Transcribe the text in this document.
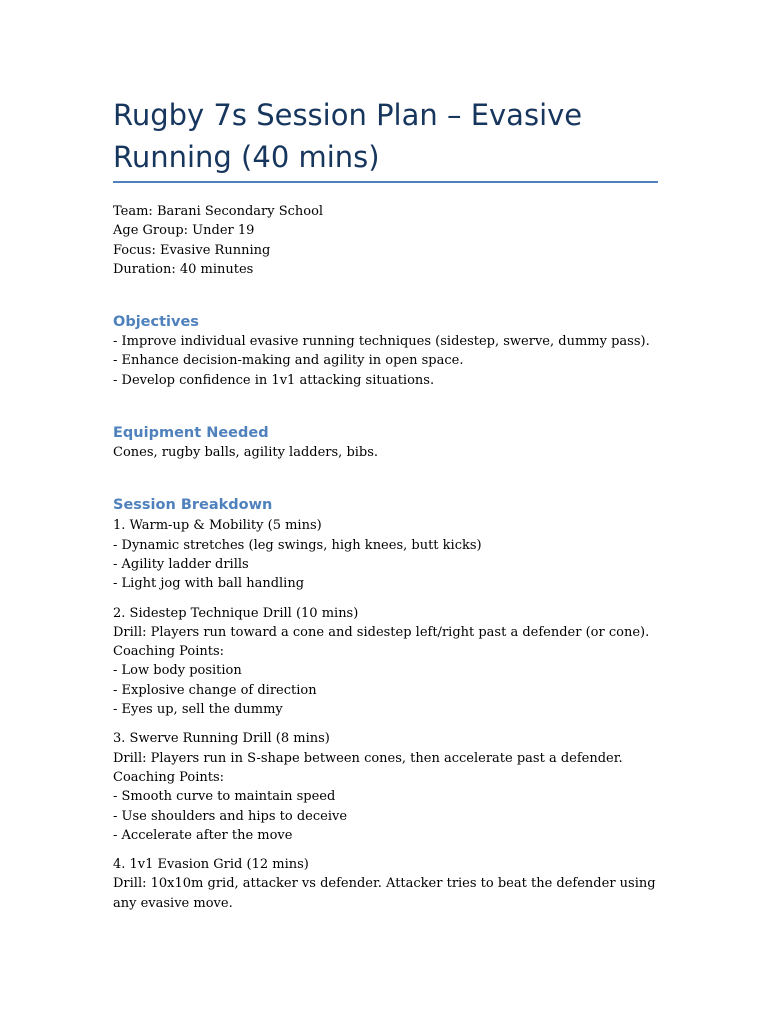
Rugby 7s Session Plan – Evasive
Running (40 mins)
Team: Barani Secondary School
Age Group: Under 19
Focus: Evasive Running
Duration: 40 minutes
Objectives
- Improve individual evasive running techniques (sidestep, swerve, dummy pass).
- Enhance decision-making and agility in open space.
- Develop confidence in 1v1 attacking situations.
Equipment Needed
Cones, rugby balls, agility ladders, bibs.
Session Breakdown
1. Warm-up & Mobility (5 mins)
- Dynamic stretches (leg swings, high knees, butt kicks)
- Agility ladder drills
- Light jog with ball handling
2. Sidestep Technique Drill (10 mins)
Drill: Players run toward a cone and sidestep left/right past a defender (or cone).
Coaching Points:
- Low body position
- Explosive change of direction
- Eyes up, sell the dummy
3. Swerve Running Drill (8 mins)
Drill: Players run in S-shape between cones, then accelerate past a defender.
Coaching Points:
- Smooth curve to maintain speed
- Use shoulders and hips to deceive
- Accelerate after the move
4. 1v1 Evasion Grid (12 mins)
Drill: 10x10m grid, attacker vs defender. Attacker tries to beat the defender using any evasive move.
